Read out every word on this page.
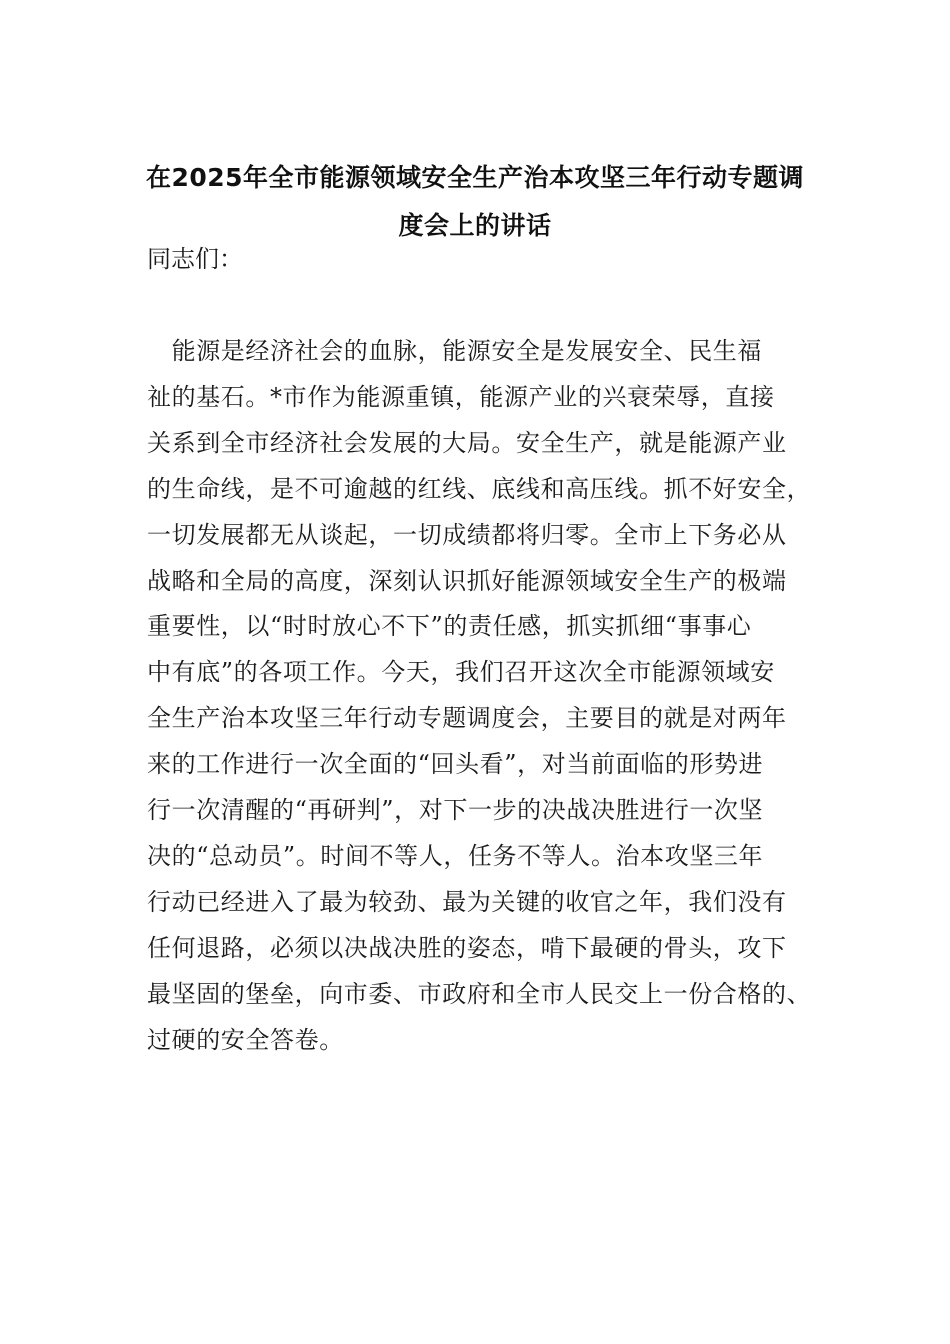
在2025年全市能源领域安全生产治本攻坚三年行动专题调
度会上的讲话

同志们：

　能源是经济社会的血脉，能源安全是发展安全、民生福
祉的基石。*市作为能源重镇，能源产业的兴衰荣辱，直接
关系到全市经济社会发展的大局。安全生产，就是能源产业
的生命线，是不可逾越的红线、底线和高压线。抓不好安全，
一切发展都无从谈起，一切成绩都将归零。全市上下务必从
战略和全局的高度，深刻认识抓好能源领域安全生产的极端
重要性，以“时时放心不下”的责任感，抓实抓细“事事心
中有底”的各项工作。今天，我们召开这次全市能源领域安
全生产治本攻坚三年行动专题调度会，主要目的就是对两年
来的工作进行一次全面的“回头看”，对当前面临的形势进
行一次清醒的“再研判”，对下一步的决战决胜进行一次坚
决的“总动员”。时间不等人，任务不等人。治本攻坚三年
行动已经进入了最为较劲、最为关键的收官之年，我们没有
任何退路，必须以决战决胜的姿态，啃下最硬的骨头，攻下
最坚固的堡垒，向市委、市政府和全市人民交上一份合格的、
过硬的安全答卷。
